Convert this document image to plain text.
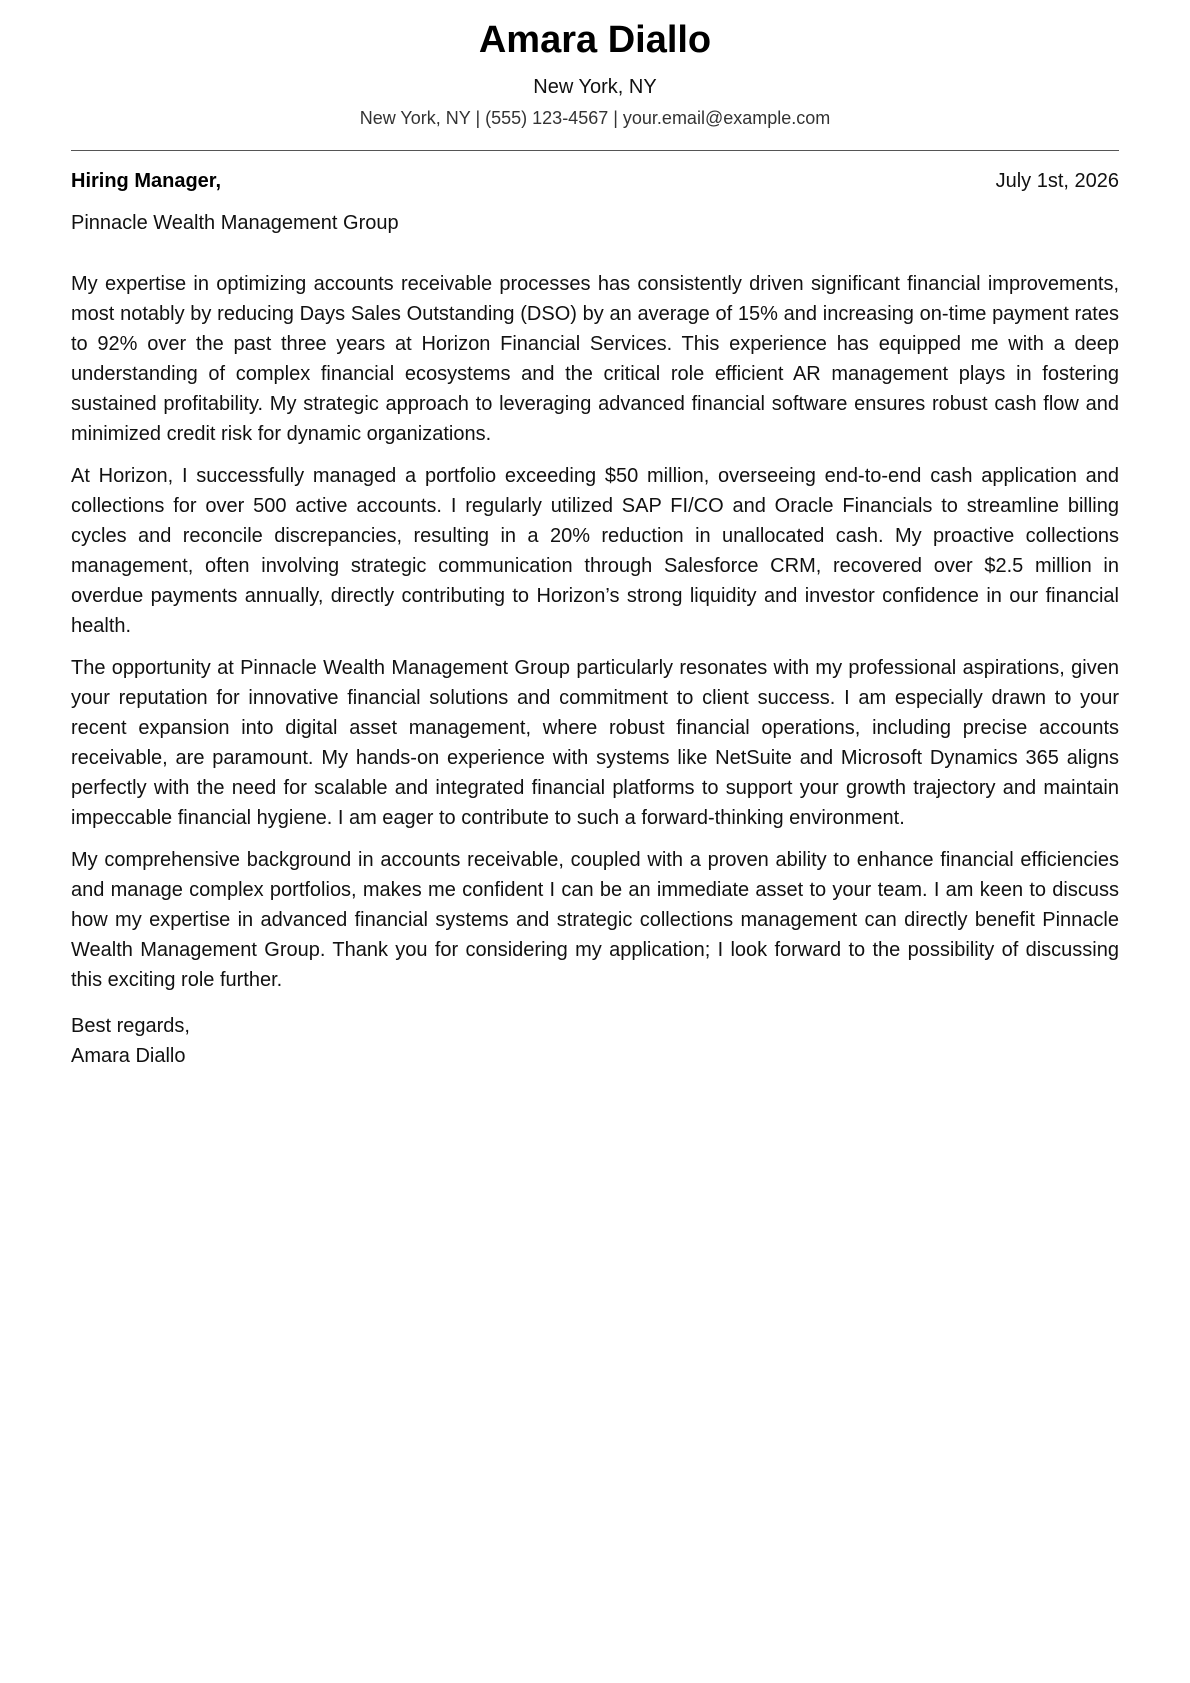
Amara Diallo
New York, NY
New York, NY | (555) 123-4567 | your.email@example.com
Hiring Manager,	July 1st, 2026
Pinnacle Wealth Management Group

My expertise in optimizing accounts receivable processes has consistently driven significant financial improvements, most notably by reducing Days Sales Outstanding (DSO) by an average of 15% and increasing on-time payment rates to 92% over the past three years at Horizon Financial Services. This experience has equipped me with a deep understanding of complex financial ecosystems and the critical role efficient AR management plays in fostering sustained profitability. My strategic approach to leveraging advanced financial software ensures robust cash flow and minimized credit risk for dynamic organizations.

At Horizon, I successfully managed a portfolio exceeding $50 million, overseeing end-to-end cash application and collections for over 500 active accounts. I regularly utilized SAP FI/CO and Oracle Financials to streamline billing cycles and reconcile discrepancies, resulting in a 20% reduction in unallocated cash. My proactive collections management, often involving strategic communication through Salesforce CRM, recovered over $2.5 million in overdue payments annually, directly contributing to Horizon’s strong liquidity and investor confidence in our financial health.

The opportunity at Pinnacle Wealth Management Group particularly resonates with my professional aspirations, given your reputation for innovative financial solutions and commitment to client success. I am especially drawn to your recent expansion into digital asset management, where robust financial operations, including precise accounts receivable, are paramount. My hands-on experience with systems like NetSuite and Microsoft Dynamics 365 aligns perfectly with the need for scalable and integrated financial platforms to support your growth trajectory and maintain impeccable financial hygiene. I am eager to contribute to such a forward-thinking environment.

My comprehensive background in accounts receivable, coupled with a proven ability to enhance financial efficiencies and manage complex portfolios, makes me confident I can be an immediate asset to your team. I am keen to discuss how my expertise in advanced financial systems and strategic collections management can directly benefit Pinnacle Wealth Management Group. Thank you for considering my application; I look forward to the possibility of discussing this exciting role further.

Best regards,
Amara Diallo
